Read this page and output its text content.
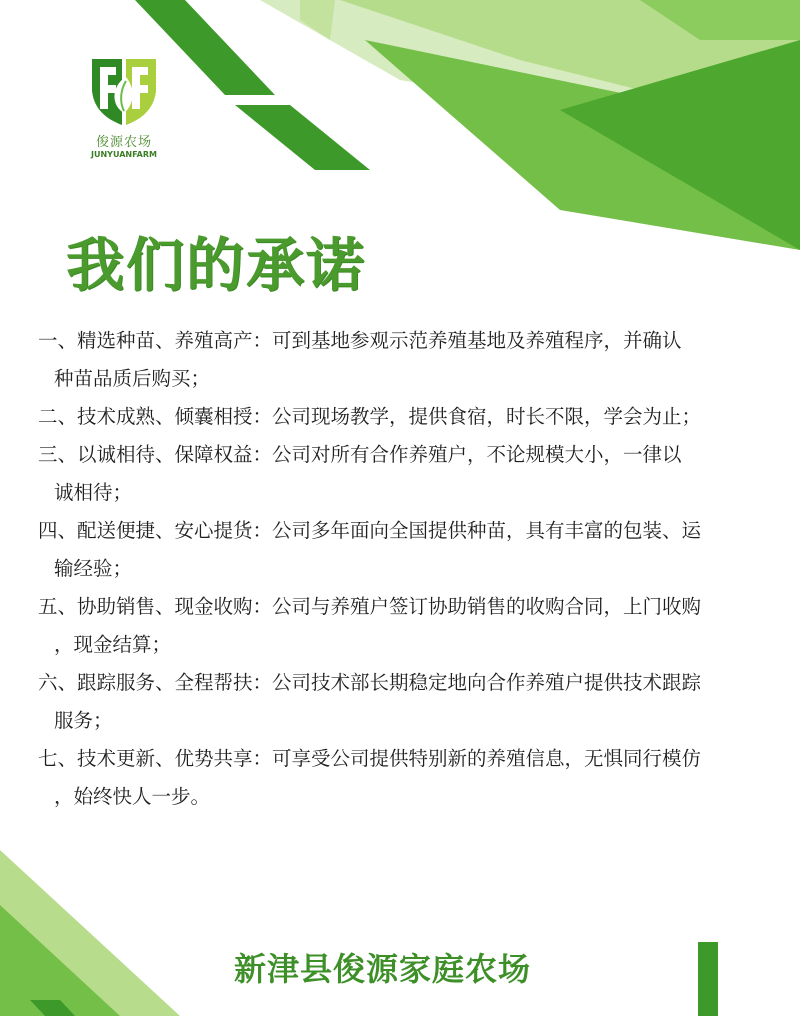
俊源农场
JUNYUANFARM
我们的承诺
一、精选种苗、养殖高产：可到基地参观示范养殖基地及养殖程序，并确认
种苗品质后购买；
二、技术成熟、倾囊相授：公司现场教学，提供食宿，时长不限，学会为止；
三、以诚相待、保障权益：公司对所有合作养殖户，不论规模大小，一律以
诚相待；
四、配送便捷、安心提货：公司多年面向全国提供种苗，具有丰富的包装、运
输经验；
五、协助销售、现金收购：公司与养殖户签订协助销售的收购合同，上门收购
，现金结算；
六、跟踪服务、全程帮扶：公司技术部长期稳定地向合作养殖户提供技术跟踪
服务；
七、技术更新、优势共享：可享受公司提供特别新的养殖信息，无惧同行模仿
，始终快人一步。
新津县俊源家庭农场
